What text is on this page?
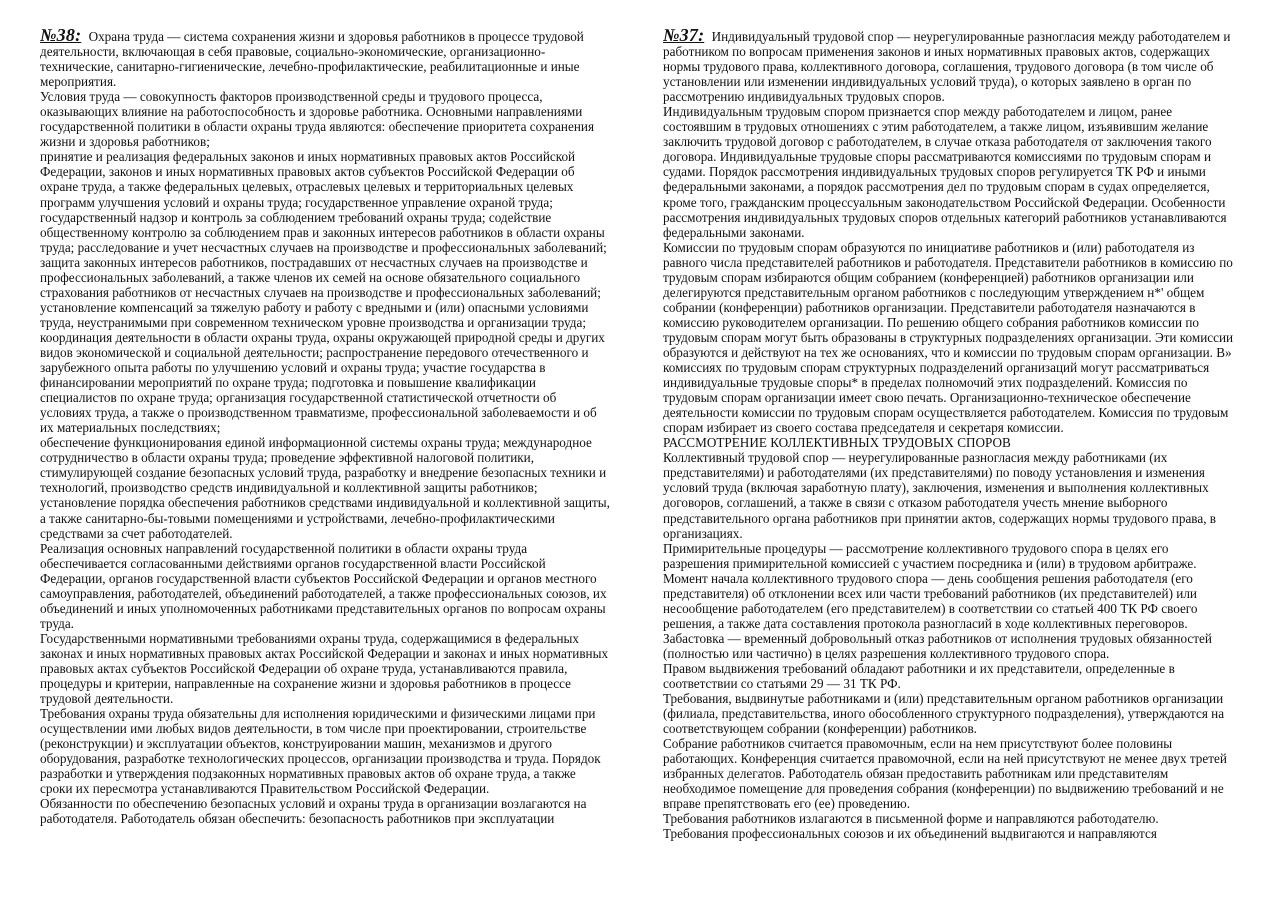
№38: Охрана труда — система сохранения жизни и здоровья работников в процессе трудовой деятельности, включающая в себя правовые, социально-экономические, организационно-технические, санитарно-гигиенические, лечебно-профилактические, реабилитационные и иные мероприятия.

Условия труда — совокупность факторов производственной среды и трудового процесса, оказывающих влияние на работоспособность и здоровье работника. Основными направлениями государственной политики в области охраны труда являются: обеспечение приоритета сохранения жизни и здоровья работников;

принятие и реализация федеральных законов и иных нормативных правовых актов Российской Федерации, законов и иных нормативных правовых актов субъектов Российской Федерации об охране труда, а также федеральных целевых, отраслевых целевых и территориальных целевых программ улучшения условий и охраны труда; государственное управление охраной труда; государственный надзор и контроль за соблюдением требований охраны труда; содействие общественному контролю за соблюдением прав и законных интересов работников в области охраны труда; расследование и учет несчастных случаев на производстве и профессиональных заболеваний; защита законных интересов работников, пострадавших от несчастных случаев на производстве и профессиональных заболеваний, а также членов их семей на основе обязательного социального страхования работников от несчастных случаев на производстве и профессиональных заболеваний; установление компенсаций за тяжелую работу и работу с вредными и (или) опасными условиями труда, неустранимыми при современном техническом уровне производства и организации труда; координация деятельности в области охраны труда, охраны окружающей природной среды и других видов экономической и социальной деятельности; распространение передового отечественного и зарубежного опыта работы по улучшению условий и охраны труда; участие государства в финансировании мероприятий по охране труда; подготовка и повышение квалификации специалистов по охране труда; организация государственной статистической отчетности об условиях труда, а также о производственном травматизме, профессиональной заболеваемости и об их материальных последствиях;

обеспечение функционирования единой информационной системы охраны труда; международное сотрудничество в области охраны труда; проведение эффективной налоговой политики, стимулирующей создание безопасных условий труда, разработку и внедрение безопасных техники и технологий, производство средств индивидуальной и коллективной защиты работников; установление порядка обеспечения работников средствами индивидуальной и коллективной защиты, а также санитарно-бы-товыми помещениями и устройствами, лечебно-профилактическими средствами за счет работодателей.

Реализация основных направлений государственной политики в области охраны труда обеспечивается согласованными действиями органов государственной власти Российской Федерации, органов государственной власти субъектов Российской Федерации и органов местного самоуправления, работодателей, объединений работодателей, а также профессиональных союзов, их объединений и иных уполномоченных работниками представительных органов по вопросам охраны труда.

Государственными нормативными требованиями охраны труда, содержащимися в федеральных законах и иных нормативных правовых актах Российской Федерации и законах и иных нормативных правовых актах субъектов Российской Федерации об охране труда, устанавливаются правила, процедуры и критерии, направленные на сохранение жизни и здоровья работников в процессе трудовой деятельности.

Требования охраны труда обязательны для исполнения юридическими и физическими лицами при осуществлении ими любых видов деятельности, в том числе при проектировании, строительстве (реконструкции) и эксплуатации объектов, конструировании машин, механизмов и другого оборудования, разработке технологических процессов, организации производства и труда. Порядок разработки и утверждения подзаконных нормативных правовых актов об охране труда, а также сроки их пересмотра устанавливаются Правительством Российской Федерации.

Обязанности по обеспечению безопасных условий и охраны труда в организации возлагаются на работодателя. Работодатель обязан обеспечить: безопасность работников при эксплуатации

№37: Индивидуальный трудовой спор — неурегулированные разногласия между работодателем и работником по вопросам применения законов и иных нормативных правовых актов, содержащих нормы трудового права, коллективного договора, соглашения, трудового договора (в том числе об установлении или изменении индивидуальных условий труда), о которых заявлено в орган по рассмотрению индивидуальных трудовых споров.

Индивидуальным трудовым спором признается спор между работодателем и лицом, ранее состоявшим в трудовых отношениях с этим работодателем, а также лицом, изъявившим желание заключить трудовой договор с работодателем, в случае отказа работодателя от заключения такого договора. Индивидуальные трудовые споры рассматриваются комиссиями по трудовым спорам и судами. Порядок рассмотрения индивидуальных трудовых споров регулируется ТК РФ и иными федеральными законами, а порядок рассмотрения дел по трудовым спорам в судах определяется, кроме того, гражданским процессуальным законодательством Российской Федерации. Особенности рассмотрения индивидуальных трудовых споров отдельных категорий работников устанавливаются федеральными законами.

Комиссии по трудовым спорам образуются по инициативе работников и (или) работодателя из равного числа представителей работников и работодателя. Представители работников в комиссию по трудовым спорам избираются общим собранием (конференцией) работников организации или делегируются представительным органом работников с последующим утверждением н*' общем собрании (конференции) работников организации. Представители работодателя назначаются в комиссию руководителем организации. По решению общего собрания работников комиссии по трудовым спорам могут быть образованы в структурных подразделениях организации. Эти комиссии образуются и действуют на тех же основаниях, что и комиссии по трудовым спорам организации. В» комиссиях по трудовым спорам структурных подразделений организаций могут рассматриваться индивидуальные трудовые споры* в пределах полномочий этих подразделений. Комиссия по трудовым спорам организации имеет свою печать. Организационно-техническое обеспечение деятельности комиссии по трудовым спорам осуществляется работодателем. Комиссия по трудовым спорам избирает из своего состава председателя и секретаря комиссии.

РАССМОТРЕНИЕ КОЛЛЕКТИВНЫХ ТРУДОВЫХ СПОРОВ

Коллективный трудовой спор — неурегулированные разногласия между работниками (их представителями) и работодателями (их представителями) по поводу установления и изменения условий труда (включая заработную плату), заключения, изменения и выполнения коллективных договоров, соглашений, а также в связи с отказом работодателя учесть мнение выборного представительного органа работников при принятии актов, содержащих нормы трудового права, в организациях.

Примирительные процедуры — рассмотрение коллективного трудового спора в целях его разрешения примирительной комиссией с участием посредника и (или) в трудовом арбитраже.

Момент начала коллективного трудового спора — день сообщения решения работодателя (его представителя) об отклонении всех или части требований работников (их представителей) или несообщение работодателем (его представителем) в соответствии со статьей 400 ТК РФ своего решения, а также дата составления протокола разногласий в ходе коллективных переговоров.

Забастовка — временный добровольный отказ работников от исполнения трудовых обязанностей (полностью или частично) в целях разрешения коллективного трудового спора.

Правом выдвижения требований обладают работники и их представители, определенные в соответствии со статьями 29 — 31 ТК РФ.

Требования, выдвинутые работниками и (или) представительным органом работников организации (филиала, представительства, иного обособленного структурного подразделения), утверждаются на соответствующем собрании (конференции) работников.

Собрание работников считается правомочным, если на нем присутствуют более половины работающих. Конференция считается правомочной, если на ней присутствуют не менее двух третей избранных делегатов. Работодатель обязан предоставить работникам или представителям необходимое помещение для проведения собрания (конференции) по выдвижению требований и не вправе препятствовать его (ее) проведению.

Требования работников излагаются в письменной форме и направляются работодателю.

Требования профессиональных союзов и их объединений выдвигаются и направляются
